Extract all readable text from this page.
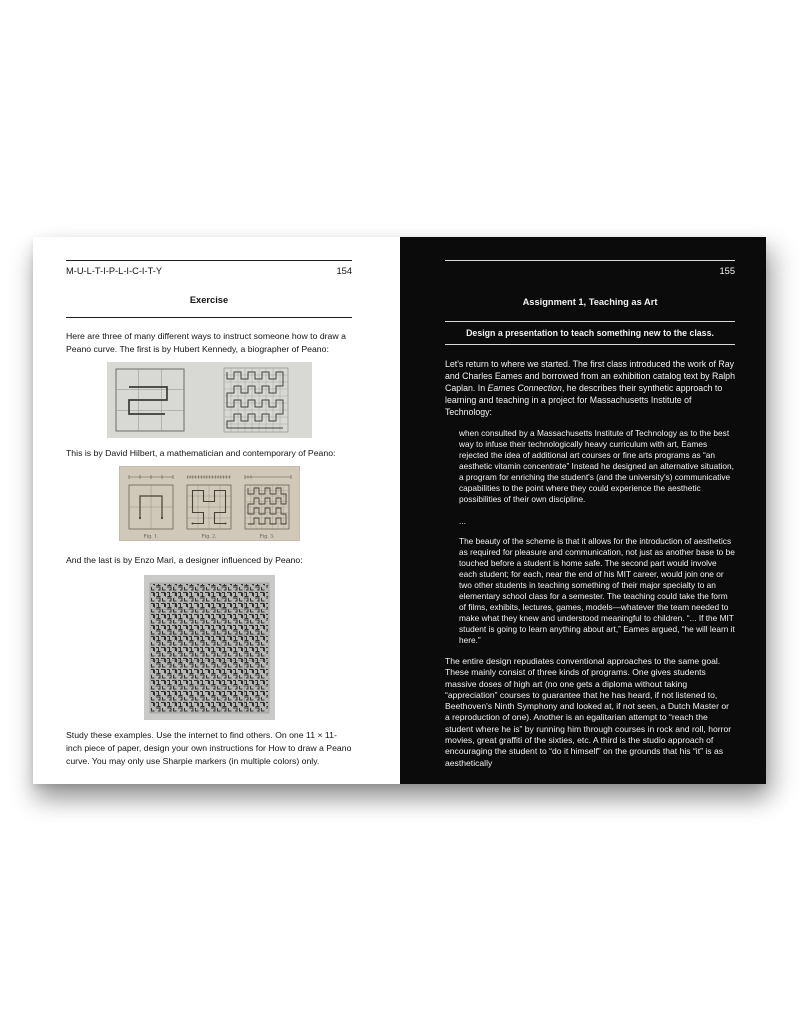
M-U-L-T-I-P-L-I-C-I-T-Y	154
Exercise

Here are three of many different ways to instruct someone how to draw a Peano curve. The first is by Hubert Kennedy, a biographer of Peano:

This is by David Hilbert, a mathematician and contemporary of Peano:

Fig. 1.	Fig. 2.	Fig. 3.

And the last is by Enzo Mari, a designer influenced by Peano:

Study these examples. Use the internet to find others. On one 11 × 11-inch piece of paper, design your own instructions for How to draw a Peano curve. You may only use Sharpie markers (in multiple colors) only.

155
Assignment 1, Teaching as Art
Design a presentation to teach something new to the class.

Let's return to where we started. The first class introduced the work of Ray and Charles Eames and borrowed from an exhibition catalog text by Ralph Caplan. In Eames Connection, he describes their synthetic approach to learning and teaching in a project for Massachusetts Institute of Technology:

when consulted by a Massachusetts Institute of Technology as to the best way to infuse their technologically heavy curriculum with art, Eames rejected the idea of additional art courses or fine arts programs as “an aesthetic vitamin concentrate” Instead he designed an alternative situation, a program for enriching the student's (and the university's) communicative capabilities to the point where they could experience the aesthetic possibilities of their own discipline.

...

The beauty of the scheme is that it allows for the introduction of aesthetics as required for pleasure and communication, not just as another base to be touched before a student is home safe. The second part would involve each student; for each, near the end of his MIT career, would join one or two other students in teaching something of their major specialty to an elementary school class for a semester. The teaching could take the form of films, exhibits, lectures, games, models—whatever the team needed to make what they knew and understood meaningful to children. “... If the MIT student is going to learn anything about art,” Eames argued, “he will learn it here.”

The entire design repudiates conventional approaches to the same goal. These mainly consist of three kinds of programs. One gives students massive doses of high art (no one gets a diploma without taking “appreciation” courses to guarantee that he has heard, if not listened to, Beethoven's Ninth Symphony and looked at, if not seen, a Dutch Master or a reproduction of one). Another is an egalitarian attempt to “reach the student where he is” by running him through courses in rock and roll, horror movies, great graffiti of the sixties, etc. A third is the studio approach of encouraging the student to “do it himself” on the grounds that his “it” is as aesthetically
